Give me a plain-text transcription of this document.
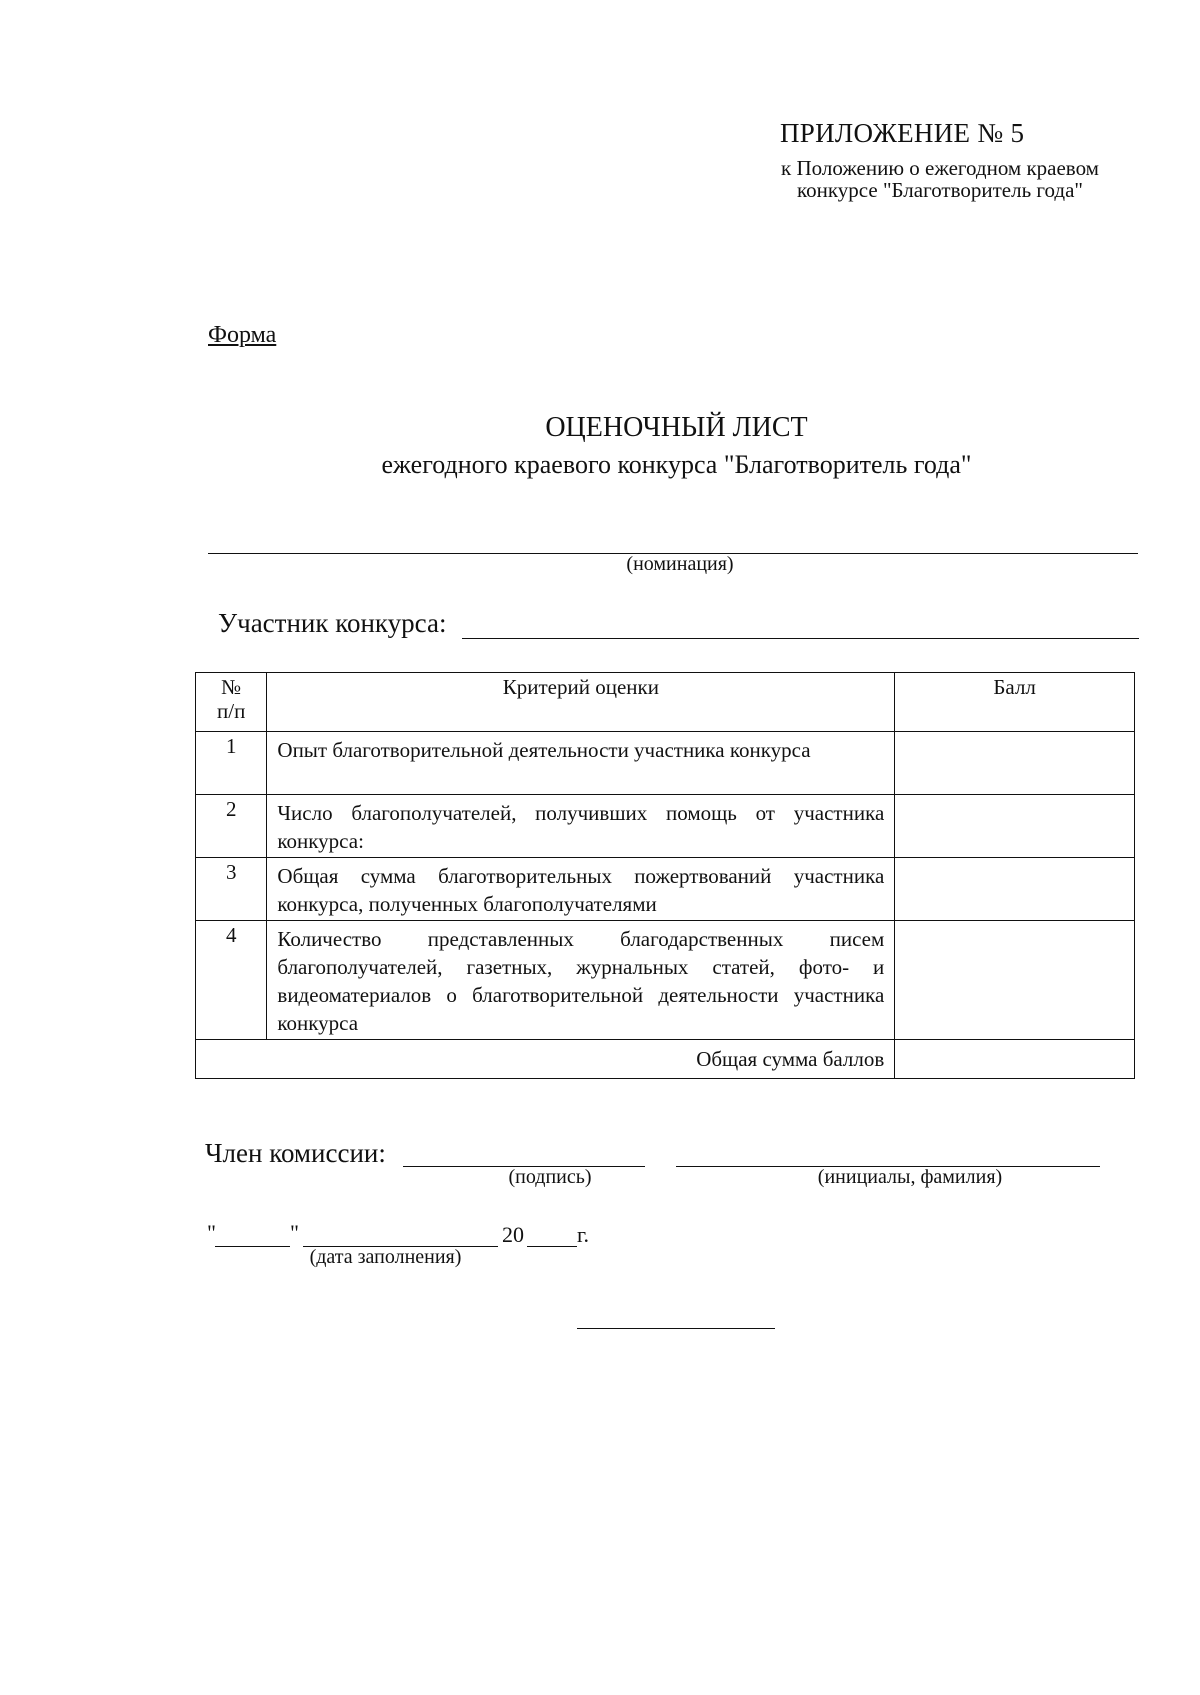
ПРИЛОЖЕНИЕ № 5
к Положению о ежегодном краевом
конкурсе "Благотворитель года"
Форма
ОЦЕНОЧНЫЙ ЛИСТ
ежегодного краевого конкурса "Благотворитель года"
(номинация)
Участник конкурса:
№
п/п	Критерий оценки	Балл
1	Опыт благотворительной деятельности участника конкурса	
2	Число благополучателей, получивших помощь от участника конкурса:	
3	Общая сумма благотворительных пожертвований участника конкурса, полученных благополучателями	
4	Количество представленных благодарственных писем благополучателей, газетных, журнальных статей, фото- и видеоматериалов о благотворительной деятельности участника конкурса	
Общая сумма баллов		
Член комиссии:
(подпись)	(инициалы, фамилия)
"	"
(дата заполнения)
20 г.
